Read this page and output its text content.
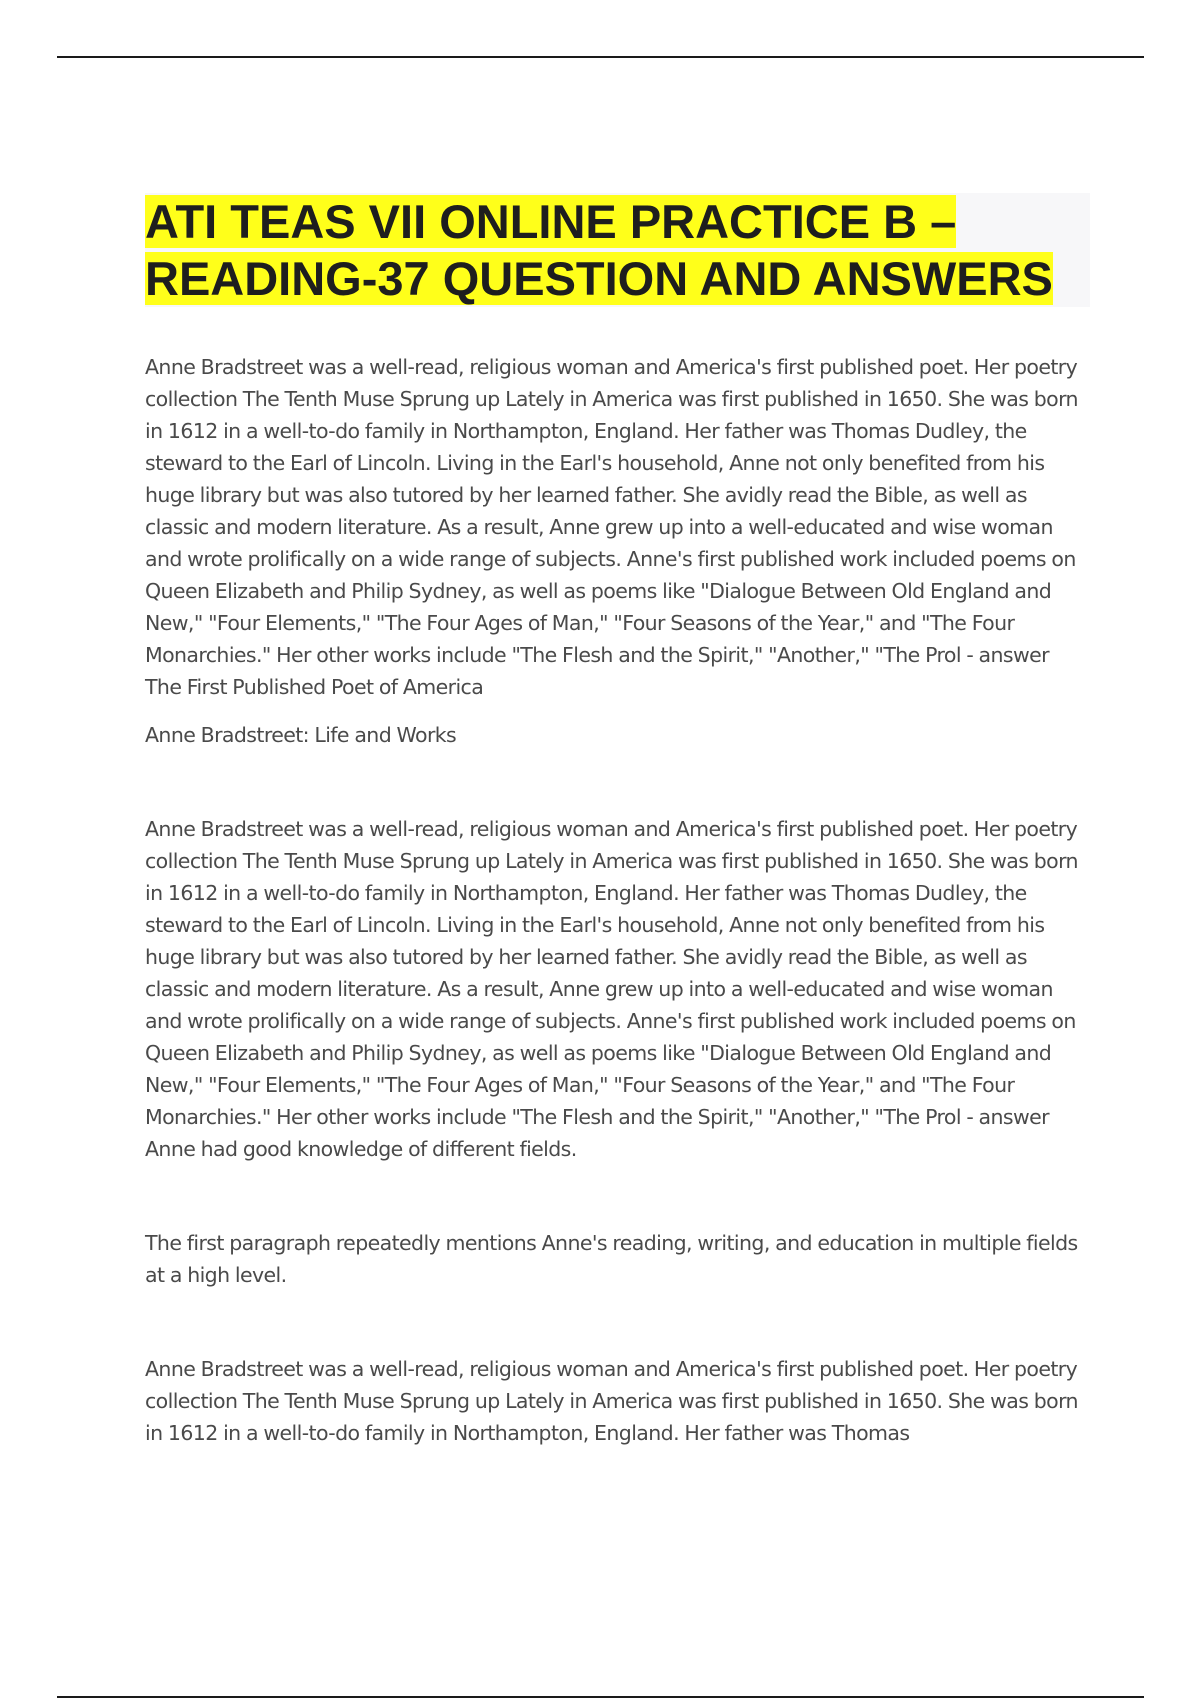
ATI TEAS VII ONLINE PRACTICE B – READING-37 QUESTION AND ANSWERS

Anne Bradstreet was a well-read, religious woman and America's first published poet. Her poetry collection The Tenth Muse Sprung up Lately in America was first published in 1650. She was born in 1612 in a well-to-do family in Northampton, England. Her father was Thomas Dudley, the steward to the Earl of Lincoln. Living in the Earl's household, Anne not only benefited from his huge library but was also tutored by her learned father. She avidly read the Bible, as well as classic and modern literature. As a result, Anne grew up into a well-educated and wise woman and wrote prolifically on a wide range of subjects. Anne's first published work included poems on Queen Elizabeth and Philip Sydney, as well as poems like "Dialogue Between Old England and New," "Four Elements," "The Four Ages of Man," "Four Seasons of the Year," and "The Four Monarchies." Her other works include "The Flesh and the Spirit," "Another," "The Prol - answer The First Published Poet of America

Anne Bradstreet: Life and Works

Anne Bradstreet was a well-read, religious woman and America's first published poet. Her poetry collection The Tenth Muse Sprung up Lately in America was first published in 1650. She was born in 1612 in a well-to-do family in Northampton, England. Her father was Thomas Dudley, the steward to the Earl of Lincoln. Living in the Earl's household, Anne not only benefited from his huge library but was also tutored by her learned father. She avidly read the Bible, as well as classic and modern literature. As a result, Anne grew up into a well-educated and wise woman and wrote prolifically on a wide range of subjects. Anne's first published work included poems on Queen Elizabeth and Philip Sydney, as well as poems like "Dialogue Between Old England and New," "Four Elements," "The Four Ages of Man," "Four Seasons of the Year," and "The Four Monarchies." Her other works include "The Flesh and the Spirit," "Another," "The Prol - answer Anne had good knowledge of different fields.

The first paragraph repeatedly mentions Anne's reading, writing, and education in multiple fields at a high level.

Anne Bradstreet was a well-read, religious woman and America's first published poet. Her poetry collection The Tenth Muse Sprung up Lately in America was first published in 1650. She was born in 1612 in a well-to-do family in Northampton, England. Her father was Thomas
